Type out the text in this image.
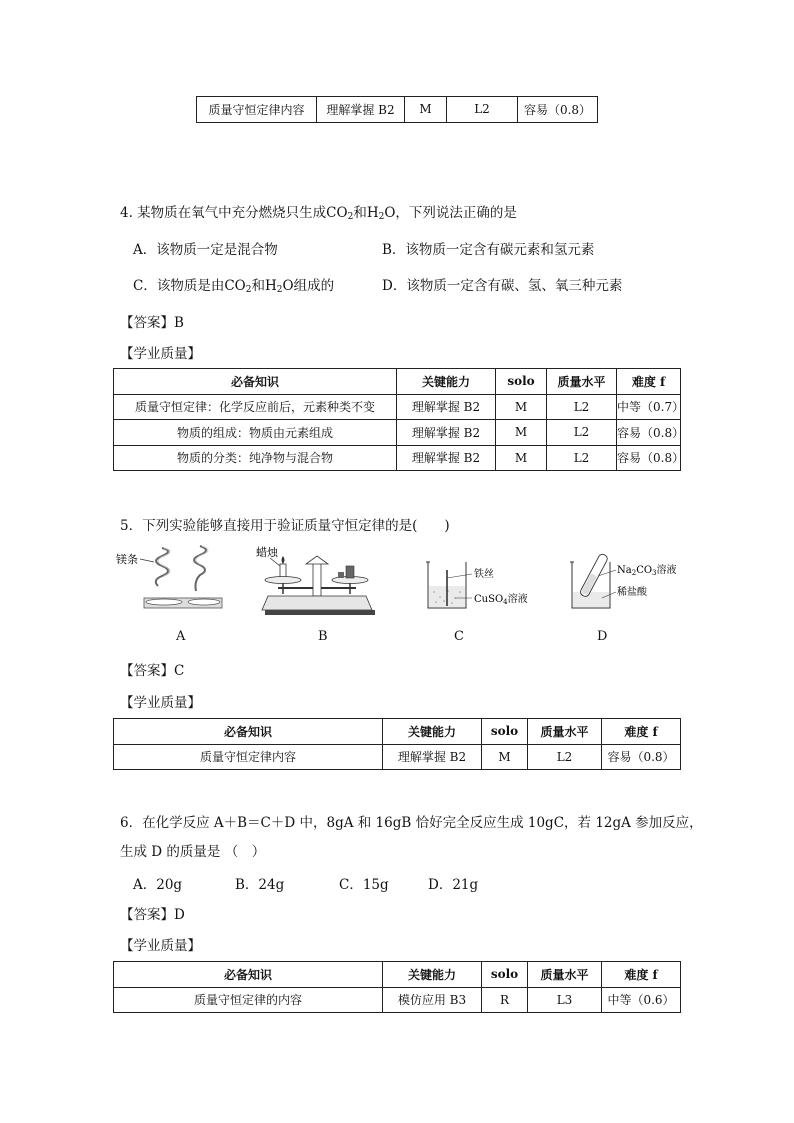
质量守恒定律内容	理解掌握 B2	M	L2	容易（0.8）
4. 某物质在氧气中充分燃烧只生成$CO_2$和$H_2O$，下列说法正确的是
A．该物质一定是混合物	B．该物质一定含有碳元素和氢元素
C．该物质是由$CO_2$和$H_2O$组成的	D．该物质一定含有碳、氢、氧三种元素
【答案】B
【学业质量】
必备知识	关键能力	solo	质量水平	难度 f
质量守恒定律：化学反应前后，元素种类不变	理解掌握 B2	M	L2	中等（0.7）
物质的组成：物质由元素组成	理解掌握 B2	M	L2	容易（0.8）
物质的分类：纯净物与混合物	理解掌握 B2	M	L2	容易（0.8）
5．下列实验能够直接用于验证质量守恒定律的是(　　)
镁条
蜡烛
铁丝
CuSO$_4$溶液
$Na_2CO_3$溶液
稀盐酸
A	B	C	D
【答案】C
【学业质量】
必备知识	关键能力	solo	质量水平	难度 f
质量守恒定律内容	理解掌握 B2	M	L2	容易（0.8）
6．在化学反应 A＋B＝C＋D 中，8gA 和 16gB 恰好完全反应生成 10gC，若 12gA 参加反应，
生成 D 的质量是 （　）
A．20g	B．24g	C．15g	D．21g
【答案】D
【学业质量】
必备知识	关键能力	solo	质量水平	难度 f
质量守恒定律的内容	模仿应用 B3	R	L3	中等（0.6）
